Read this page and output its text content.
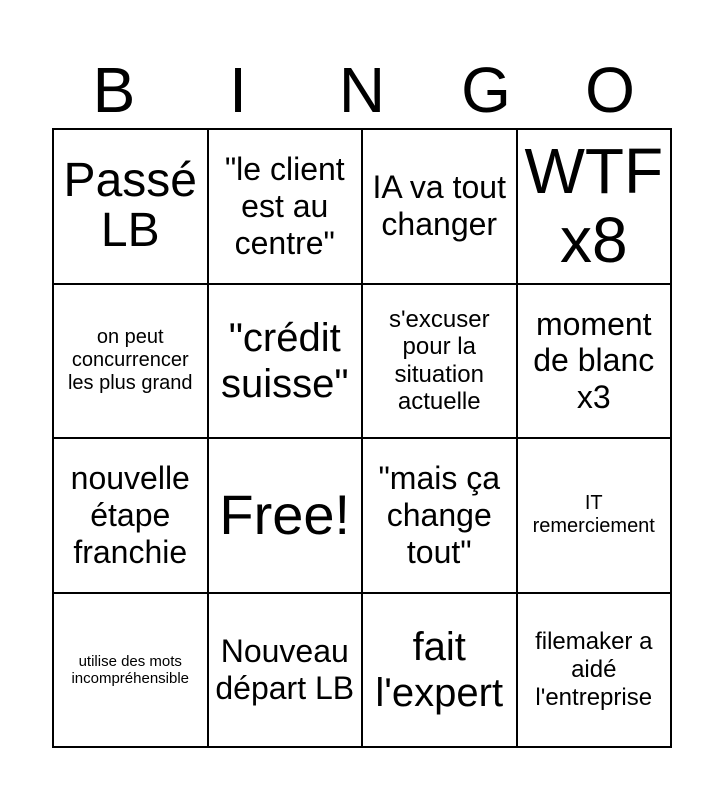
B	I	N	G	O
Passé LB
"le client est au centre"
IA va tout changer
WTF x8
on peut concurrencer les plus grand
"crédit suisse"
s'excuser pour la situation actuelle
moment de blanc x3
nouvelle étape franchie
Free!
"mais ça change tout"
IT remerciement
utilise des mots incompréhensible
Nouveau départ LB
fait l'expert
filemaker a aidé l'entreprise
